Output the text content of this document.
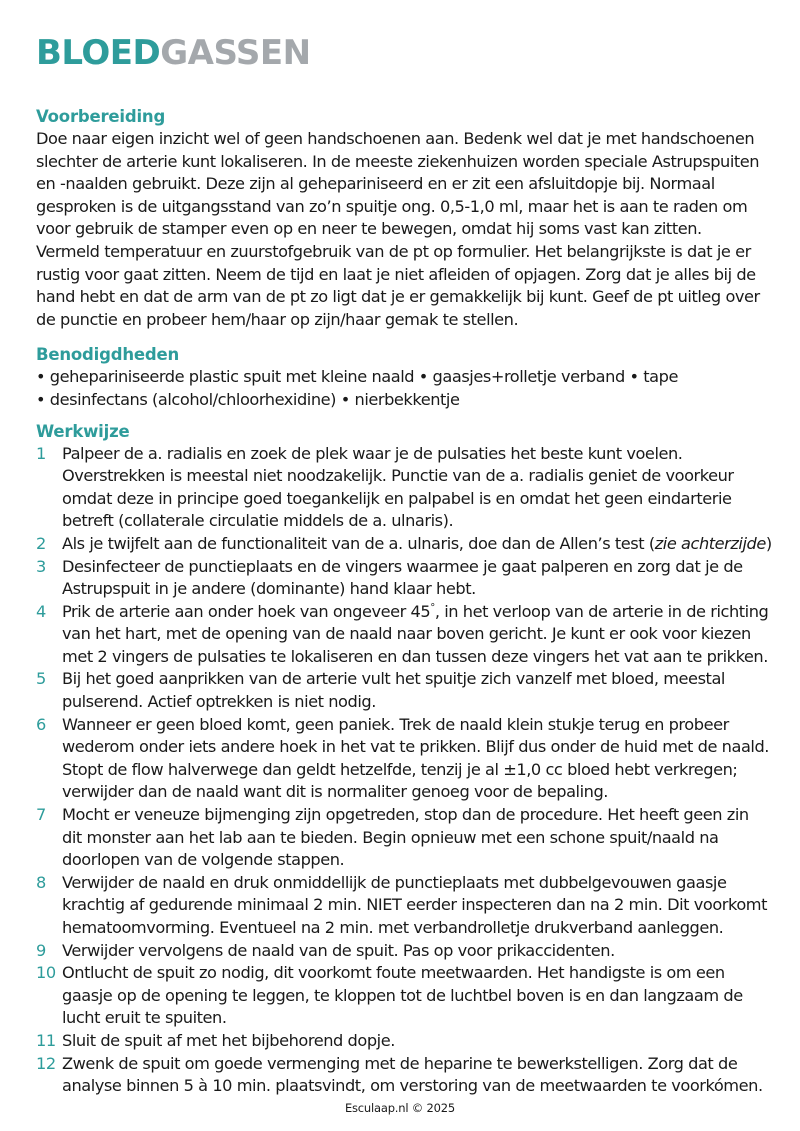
BLOEDGASSEN
Voorbereiding

Doe naar eigen inzicht wel of geen handschoenen aan. Bedenk wel dat je met handschoenen
slechter de arterie kunt lokaliseren. In de meeste ziekenhuizen worden speciale Astrupspuiten
en -naalden gebruikt. Deze zijn al gehepariniseerd en er zit een afsluitdopje bij. Normaal
gesproken is de uitgangsstand van zo’n spuitje ong. 0,5-1,0 ml, maar het is aan te raden om
voor gebruik de stamper even op en neer te bewegen, omdat hij soms vast kan zitten.
Vermeld temperatuur en zuurstofgebruik van de pt op formulier. Het belangrijkste is dat je er
rustig voor gaat zitten. Neem de tijd en laat je niet afleiden of opjagen. Zorg dat je alles bij de
hand hebt en dat de arm van de pt zo ligt dat je er gemakkelijk bij kunt. Geef de pt uitleg over
de punctie en probeer hem/haar op zijn/haar gemak te stellen.

Benodigdheden
• gehepariniseerde plastic spuit met kleine naald • gaasjes+rolletje verband • tape
• desinfectans (alcohol/chloorhexidine) • nierbekkentje
Werkwijze
1 Palpeer de a. radialis en zoek de plek waar je de pulsaties het beste kunt voelen.
Overstrekken is meestal niet noodzakelijk. Punctie van de a. radialis geniet de voorkeur
omdat deze in principe goed toegankelijk en palpabel is en omdat het geen eindarterie
betreft (collaterale circulatie middels de a. ulnaris).
2 Als je twijfelt aan de functionaliteit van de a. ulnaris, doe dan de Allen’s test (zie achterzijde)
3 Desinfecteer de punctieplaats en de vingers waarmee je gaat palperen en zorg dat je de
Astrupspuit in je andere (dominante) hand klaar hebt.
4 Prik de arterie aan onder hoek van ongeveer 45°, in het verloop van de arterie in de richting
van het hart, met de opening van de naald naar boven gericht. Je kunt er ook voor kiezen
met 2 vingers de pulsaties te lokaliseren en dan tussen deze vingers het vat aan te prikken.
5 Bij het goed aanprikken van de arterie vult het spuitje zich vanzelf met bloed, meestal
pulserend. Actief optrekken is niet nodig.
6 Wanneer er geen bloed komt, geen paniek. Trek de naald klein stukje terug en probeer
wederom onder iets andere hoek in het vat te prikken. Blijf dus onder de huid met de naald.
Stopt de flow halverwege dan geldt hetzelfde, tenzij je al ±1,0 cc bloed hebt verkregen;
verwijder dan de naald want dit is normaliter genoeg voor de bepaling.
7 Mocht er veneuze bijmenging zijn opgetreden, stop dan de procedure. Het heeft geen zin
dit monster aan het lab aan te bieden. Begin opnieuw met een schone spuit/naald na
doorlopen van de volgende stappen.
8 Verwijder de naald en druk onmiddellijk de punctieplaats met dubbelgevouwen gaasje
krachtig af gedurende minimaal 2 min. NIET eerder inspecteren dan na 2 min. Dit voorkomt
hematoomvorming. Eventueel na 2 min. met verbandrolletje drukverband aanleggen.
9 Verwijder vervolgens de naald van de spuit. Pas op voor prikaccidenten.
10 Ontlucht de spuit zo nodig, dit voorkomt foute meetwaarden. Het handigste is om een
gaasje op de opening te leggen, te kloppen tot de luchtbel boven is en dan langzaam de
lucht eruit te spuiten.
11 Sluit de spuit af met het bijbehorend dopje.
12 Zwenk de spuit om goede vermenging met de heparine te bewerkstelligen. Zorg dat de
analyse binnen 5 à 10 min. plaatsvindt, om verstoring van de meetwaarden te voorkómen.
Esculaap.nl © 2025
